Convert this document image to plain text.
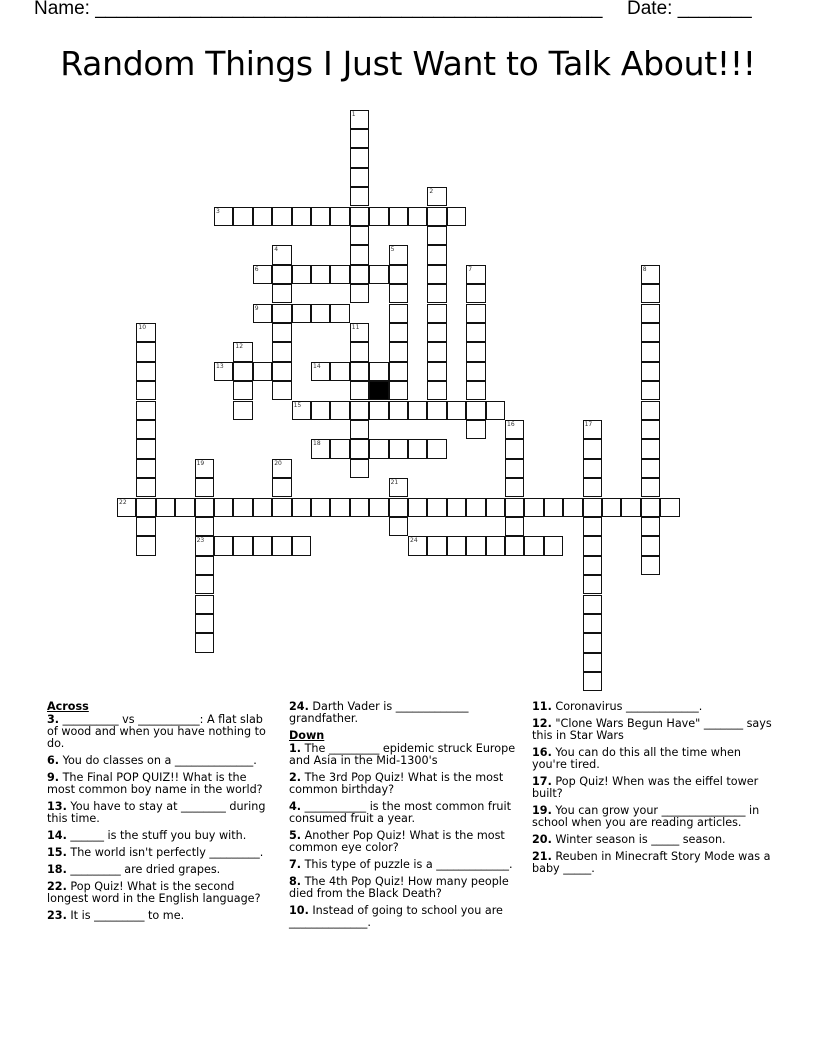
Name: ________________________________________________ Date: _______
Random Things I Just Want to Talk About!!!
1
2
3
4	5
6	7	8
9
10	11
12
13	14
15
16	17
18
19
23
20
21
22
24
Across
3. __________ vs ___________: A flat slab of wood and when you have nothing to do.
6. You do classes on a ______________.
9. The Final POP QUIZ!! What is the most common boy name in the world?
13. You have to stay at ________ during this time.
14. ______ is the stuff you buy with.
15. The world isn't perfectly _________.
18. _________ are dried grapes.
22. Pop Quiz! What is the second longest word in the English language?
23. It is _________ to me.
24. Darth Vader is _____________ grandfather.
Down
1. The _________ epidemic struck Europe and Asia in the Mid-1300's
2. The 3rd Pop Quiz! What is the most common birthday?
4. ___________ is the most common fruit consumed fruit a year.
5. Another Pop Quiz! What is the most common eye color?
7. This type of puzzle is a _____________.
8. The 4th Pop Quiz! How many people died from the Black Death?
10. Instead of going to school you are ______________.
11. Coronavirus _____________.
12. "Clone Wars Begun Have" _______ says this in Star Wars
16. You can do this all the time when you're tired.
17. Pop Quiz! When was the eiffel tower built?
19. You can grow your _______________ in school when you are reading articles.
20. Winter season is _____ season.
21. Reuben in Minecraft Story Mode was a baby _____.
